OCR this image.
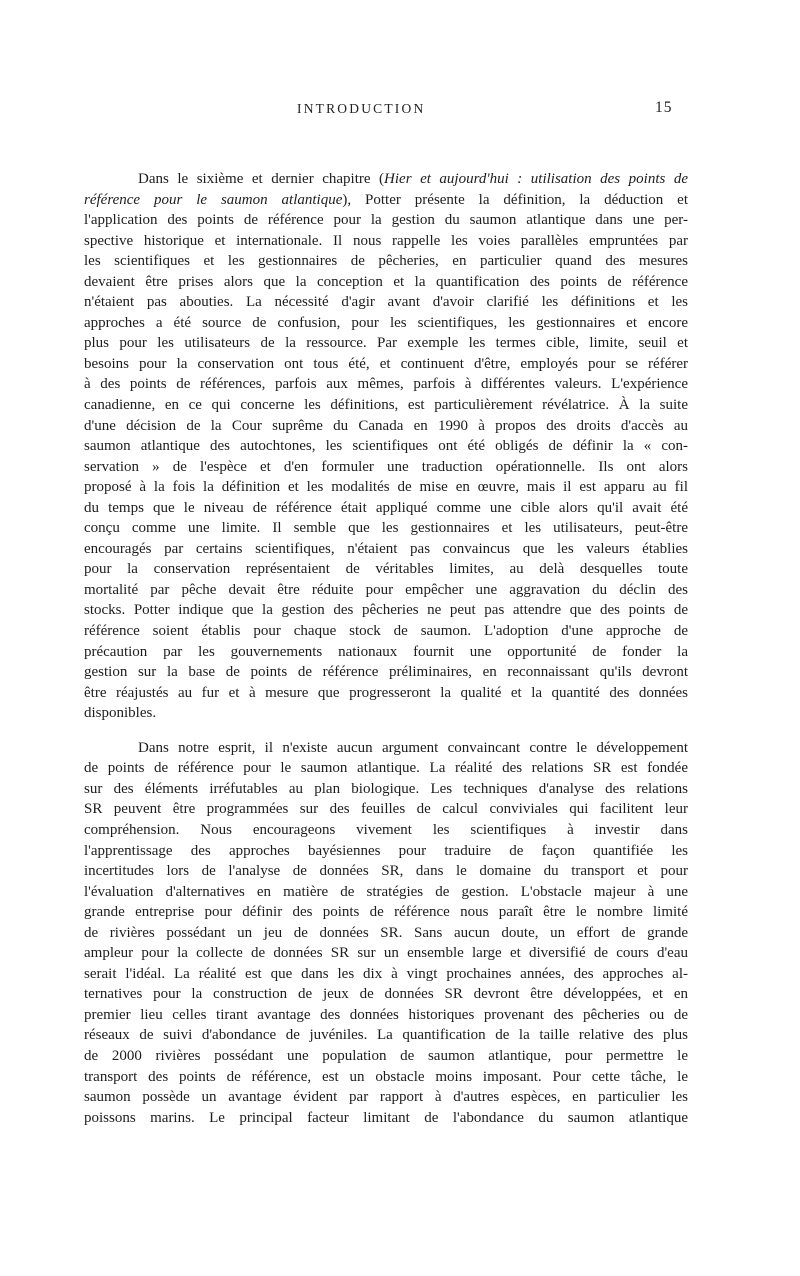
INTRODUCTION	15
Dans le sixième et dernier chapitre (Hier et aujourd'hui : utilisation des points de
référence pour le saumon atlantique), Potter présente la définition, la déduction et
l'application des points de référence pour la gestion du saumon atlantique dans une per-
spective historique et internationale. Il nous rappelle les voies parallèles empruntées par
les scientifiques et les gestionnaires de pêcheries, en particulier quand des mesures
devaient être prises alors que la conception et la quantification des points de référence
n'étaient pas abouties. La nécessité d'agir avant d'avoir clarifié les définitions et les
approches a été source de confusion, pour les scientifiques, les gestionnaires et encore
plus pour les utilisateurs de la ressource. Par exemple les termes cible, limite, seuil et
besoins pour la conservation ont tous été, et continuent d'être, employés pour se référer
à des points de références, parfois aux mêmes, parfois à différentes valeurs. L'expérience
canadienne, en ce qui concerne les définitions, est particulièrement révélatrice. À la suite
d'une décision de la Cour suprême du Canada en 1990 à propos des droits d'accès au
saumon atlantique des autochtones, les scientifiques ont été obligés de définir la « con-
servation » de l'espèce et d'en formuler une traduction opérationnelle. Ils ont alors
proposé à la fois la définition et les modalités de mise en œuvre, mais il est apparu au fil
du temps que le niveau de référence était appliqué comme une cible alors qu'il avait été
conçu comme une limite. Il semble que les gestionnaires et les utilisateurs, peut-être
encouragés par certains scientifiques, n'étaient pas convaincus que les valeurs établies
pour la conservation représentaient de véritables limites, au delà desquelles toute
mortalité par pêche devait être réduite pour empêcher une aggravation du déclin des
stocks. Potter indique que la gestion des pêcheries ne peut pas attendre que des points de
référence soient établis pour chaque stock de saumon. L'adoption d'une approche de
précaution par les gouvernements nationaux fournit une opportunité de fonder la
gestion sur la base de points de référence préliminaires, en reconnaissant qu'ils devront
être réajustés au fur et à mesure que progresseront la qualité et la quantité des données
disponibles.
Dans notre esprit, il n'existe aucun argument convaincant contre le développement
de points de référence pour le saumon atlantique. La réalité des relations SR est fondée
sur des éléments irréfutables au plan biologique. Les techniques d'analyse des relations
SR peuvent être programmées sur des feuilles de calcul conviviales qui facilitent leur
compréhension. Nous encourageons vivement les scientifiques à investir dans
l'apprentissage des approches bayésiennes pour traduire de façon quantifiée les
incertitudes lors de l'analyse de données SR, dans le domaine du transport et pour
l'évaluation d'alternatives en matière de stratégies de gestion. L'obstacle majeur à une
grande entreprise pour définir des points de référence nous paraît être le nombre limité
de rivières possédant un jeu de données SR. Sans aucun doute, un effort de grande
ampleur pour la collecte de données SR sur un ensemble large et diversifié de cours d'eau
serait l'idéal. La réalité est que dans les dix à vingt prochaines années, des approches al-
ternatives pour la construction de jeux de données SR devront être développées, et en
premier lieu celles tirant avantage des données historiques provenant des pêcheries ou de
réseaux de suivi d'abondance de juvéniles. La quantification de la taille relative des plus
de 2000 rivières possédant une population de saumon atlantique, pour permettre le
transport des points de référence, est un obstacle moins imposant. Pour cette tâche, le
saumon possède un avantage évident par rapport à d'autres espèces, en particulier les
poissons marins. Le principal facteur limitant de l'abondance du saumon atlantique
